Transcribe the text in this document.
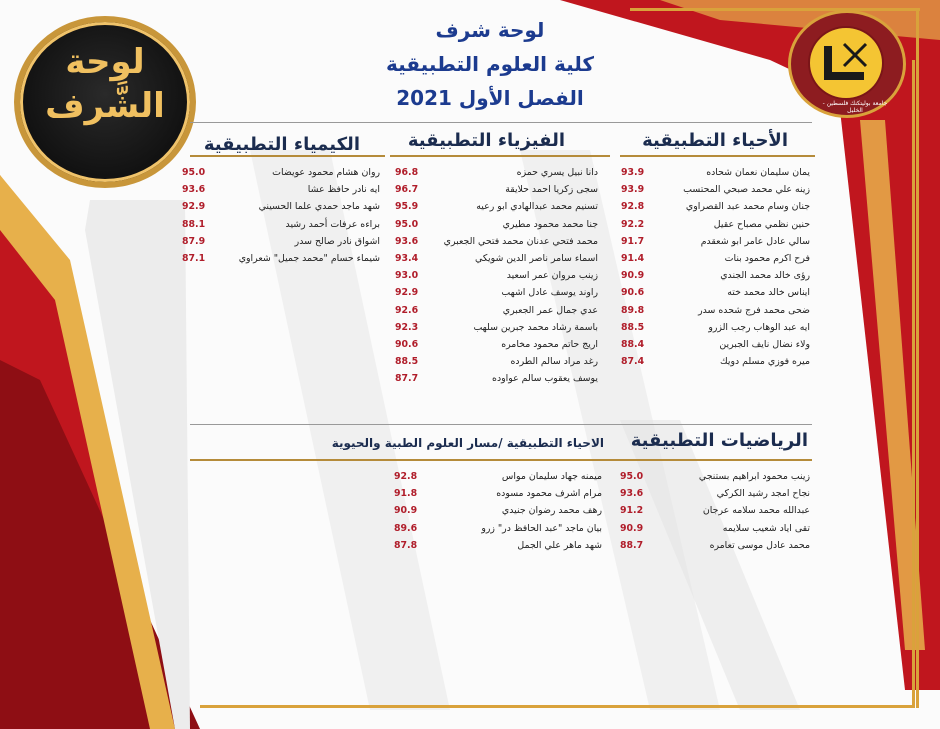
لوحة الشَّرف	جامعة بوليتكنك فلسطين - الخليل
لوحة شرف
كلية العلوم التطبيقية
الفصل الأول 2021
الأحياء التطبيقية
الفيزياء التطبيقية
الكيمياء التطبيقية
الرياضيات التطبيقية
الاحياء التطبيقية /مسار العلوم الطبية والحيوية
93.9	يمان سليمان نعمان شحاده
93.9	زينه علي محمد صبحي المحتسب
92.8	جنان وسام محمد عبد القصراوي
92.2	حنين نظمي مصباح عقيل
91.7	سالي عادل عامر ابو شعقدم
91.4	فرح اكرم محمود بنات
90.9	رؤى خالد محمد الجندي
90.6	ايناس خالد محمد خته
89.8	ضحى محمد فرج شحده سدر
88.5	ايه عبد الوهاب رجب الزرو
88.4	ولاء نضال نايف الجبرين
87.4	ميره فوزي مسلم دويك
96.8	دانا نبيل يسري حمزه
96.7	سجى زكريا احمد حلايقة
95.9	تسنيم محمد عبدالهادي ابو رعيه
95.0	جنا محمد محمود مطيري
93.6	محمد فتحي عدنان محمد فتحي الجعبري
93.4	اسماء سامر ناصر الدين شويكي
93.0	زينب مروان عمر اسعيد
92.9	راوند يوسف عادل اشهب
92.6	عدي جمال عمر الجعبري
92.3	باسمة رشاد محمد جبرين سلهب
90.6	اريج حاتم محمود مخامره
88.5	رغد مراد سالم الطرده
87.7	يوسف يعقوب سالم عواوده
95.0	روان هشام محمود عويضات
93.6	ايه نادر حافظ عشا
92.9	شهد ماجد حمدي علما الحسيني
88.1	براءه عرفات أحمد رشيد
87.9	اشواق نادر صالح سدر
87.1	شيماء حسام "محمد جميل" شعراوي
95.0	زينب محمود ابراهيم بستنجي
93.6	نجاح امجد رشيد الكركي
91.2	عبدالله محمد سلامه عرجان
90.9	تقى اياد شعيب سلايمه
88.7	محمد عادل موسى تعامره
92.8	ميمنه جهاد سليمان مواس
91.8	مرام اشرف محمود مسوده
90.9	رهف محمد رضوان جنيدي
89.6	بيان ماجد "عبد الحافظ در" زرو
87.8	شهد ماهر علي الجمل
